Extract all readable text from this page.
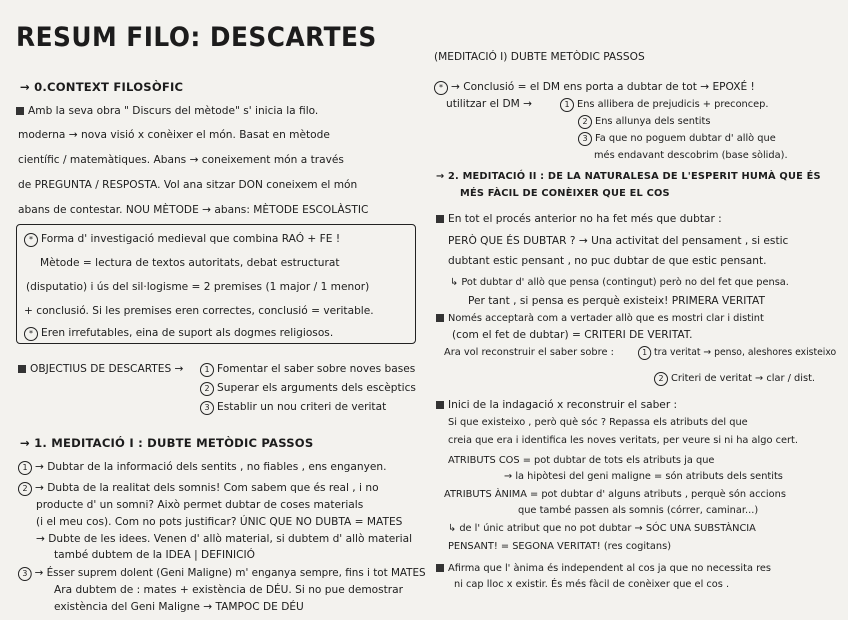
RESUM FILO: DESCARTES
→ 0.CONTEXT FILOSÒFIC
Amb la seva obra " Discurs del mètode" s' inicia la filo.
moderna → nova visió x conèixer el món. Basat en mètode
científic / matemàtiques. Abans → coneixement món a través
de PREGUNTA / RESPOSTA. Vol ana sitzar DON coneixem el món
abans de contestar. NOU MÈTODE → abans: MÈTODE ESCOLÀSTIC
* Forma d' investigació medieval que combina RAÓ + FE !
Mètode = lectura de textos autoritats, debat estructurat
(disputatio) i ús del sil·logisme = 2 premises (1 major / 1 menor)
+ conclusió. Si les premises eren correctes, conclusió = veritable.
* Eren irrefutables, eina de suport als dogmes religiosos.
OBJECTIUS DE DESCARTES →	1 Fomentar el saber sobre noves bases
2 Superar els arguments dels escèptics
3 Establir un nou criteri de veritat
→ 1. MEDITACIÓ I : DUBTE METÒDIC PASSOS
1 → Dubtar de la informació dels sentits , no fiables , ens enganyen.
2 → Dubta de la realitat dels somnis! Com sabem que és real , i no
producte d' un somni? Això permet dubtar de coses materials
(i el meu cos). Com no pots justificar? ÚNIC QUE NO DUBTA = MATES
→ Dubte de les idees. Venen d' allò material, si dubtem d' allò material
també dubtem de la IDEA | DEFINICIÓ
3 → Ésser suprem dolent (Geni Maligne) m' enganya sempre, fins i tot MATES
Ara dubtem de : mates + existència de DÉU. Si no pue demostrar
existència del Geni Maligne → TAMPOC DE DÉU
(MEDITACIÓ I) DUBTE METÒDIC PASSOS
* → Conclusió = el DM ens porta a dubtar de tot → EPOXÉ !
utilitzar el DM →	1 Ens allibera de prejudicis + preconcep.
2 Ens allunya dels sentits
3 Fa que no poguem dubtar d' allò que
més endavant descobrim (base sòlida).
→ 2. MEDITACIÓ II : DE LA NATURALESA DE L'ESPERIT HUMÀ QUE ÉS
MÉS FÀCIL DE CONÈIXER QUE EL COS
En tot el procés anterior no ha fet més que dubtar :
PERÒ QUE ÉS DUBTAR ? → Una activitat del pensament , si estic
dubtant estic pensant , no puc dubtar de que estic pensant.
↳ Pot dubtar d' allò que pensa (contingut) però no del fet que pensa.
Per tant , si pensa es perquè existeix! PRIMERA VERITAT
Només acceptarà com a vertader allò que es mostri clar i distint
(com el fet de dubtar) = CRITERI DE VERITAT.
Ara vol reconstruir el saber sobre :	1 tra veritat → penso, aleshores existeixo
2 Criteri de veritat → clar / dist.
Inici de la indagació x reconstruir el saber :
Si que existeixo , però què sóc ? Repassa els atributs del que
creia que era i identifica les noves veritats, per veure si ni ha algo cert.
ATRIBUTS COS = pot dubtar de tots els atributs ja que
→ la hipòtesi del geni maligne = són atributs dels sentits
ATRIBUTS ÀNIMA = pot dubtar d' alguns atributs , perquè són accions
que també passen als somnis (córrer, caminar...)
↳ de l' únic atribut que no pot dubtar → SÓC UNA SUBSTÀNCIA
PENSANT! = SEGONA VERITAT! (res cogitans)
Afirma que l' ànima és independent al cos ja que no necessita res
ni cap lloc x existir. És més fàcil de conèixer que el cos .
